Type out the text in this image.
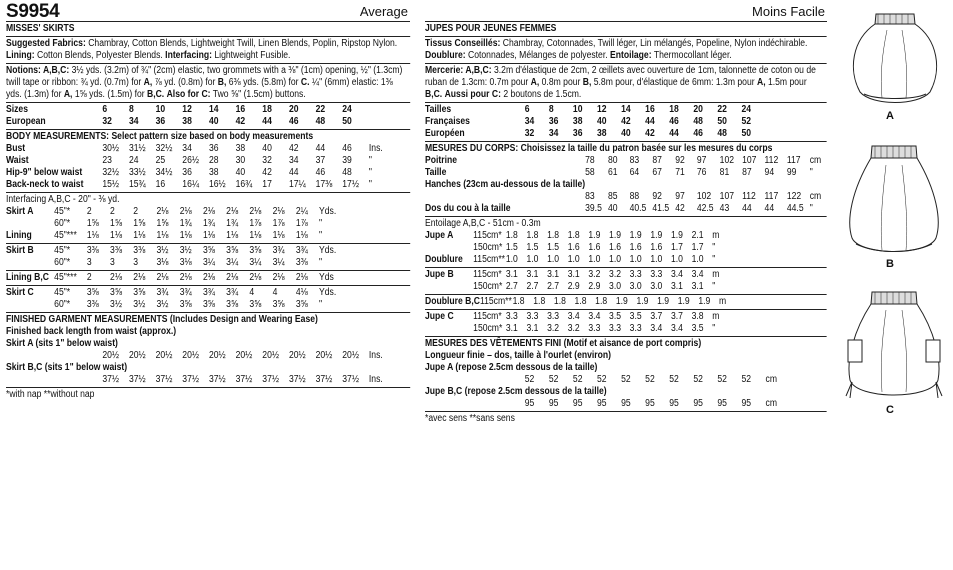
S9954	Average
MISSES' SKIRTS
Suggested Fabrics: Chambray, Cotton Blends, Lightweight Twill, Linen Blends, Poplin, Ripstop Nylon. Lining: Cotton Blends, Polyester Blends. Interfacing: Lightweight Fusible.
Notions: A,B,C: 3½ yds. (3.2m) of ¾" (2cm) elastic, two grommets with a ⅜" (1cm) opening, ½" (1.3cm) twill tape or ribbon: ¾ yd. (0.7m) for A, ⅞ yd. (0.8m) for B, 6⅜ yds. (5.8m) for C. ¼" (6mm) elastic: 1⅜ yds. (1.3m) for A, 1⅝ yds. (1.5m) for B,C. Also for C: Two ⅝" (1.5cm) buttons.
Sizes	6	8	10	12	14	16	18	20	22	24
European	32	34	36	38	40	42	44	46	48	50
BODY MEASUREMENTS: Select pattern size based on body measurements
Bust	30½	31½	32½	34	36	38	40	42	44	46	Ins.
Waist	23	24	25	26½	28	30	32	34	37	39	"
Hip-9" below waist	32½	33½	34½	36	38	40	42	44	46	48	"
Back-neck to waist	15½	15¾	16	16¼	16½	16¾	17	17¼	17⅜	17½	"
Interfacing A,B,C - 20" - ⅜ yd.
Skirt A	45"*	2	2	2	2⅛	2⅛	2⅛	2⅛	2⅛	2⅛	2¼	Yds.
	60"*	1⅝	1⅝	1⅝	1⅝	1¾	1¾	1¾	1⅞	1⅞	1⅞	"
Lining	45"***	1⅛	1⅛	1⅛	1⅛	1⅛	1⅛	1⅛	1⅛	1⅛	1⅛	"
Skirt B	45"*	3⅜	3⅜	3⅜	3½	3½	3⅝	3⅝	3⅝	3¾	3¾	Yds.
	60"*	3	3	3	3⅛	3⅛	3¼	3¼	3¼	3¼	3⅜	"
Lining B,C	45"***	2	2⅛	2⅛	2⅛	2⅛	2⅛	2⅛	2⅛	2⅛	2⅛	Yds
Skirt C	45"*	3⅝	3⅝	3⅝	3¾	3¾	3¾	3¾	4	4	4⅛	Yds.
	60"*	3⅜	3½	3½	3½	3⅝	3⅝	3⅝	3⅝	3⅝	3⅝	"
FINISHED GARMENT MEASUREMENTS (Includes Design and Wearing Ease)
Finished back length from waist (approx.)
Skirt A (sits 1" below waist)
	20½	20½	20½	20½	20½	20½	20½	20½	20½	20½	Ins.
Skirt B,C (sits 1" below waist)
	37½	37½	37½	37½	37½	37½	37½	37½	37½	37½	Ins.
*with nap **without nap
Moins Facile
JUPES POUR JEUNES FEMMES
Tissus Conseillés: Chambray, Cotonnades, Twill léger, Lin mélangés, Popeline, Nylon indéchirable. Doublure: Cotonnades, Mélanges de polyester. Entoilage: Thermocollant léger.
Mercerie: A,B,C: 3.2m d'élastique de 2cm, 2 œillets avec ouverture de 1cm, talonnette de coton ou de ruban de 1.3cm: 0.7m pour A, 0.8m pour B, 5.8m pour, d'élastique de 6mm: 1.3m pour A, 1.5m pour B,C. Aussi pour C: 2 boutons de 1.5cm.
Tailles	6	8	10	12	14	16	18	20	22	24
Françaises	34	36	38	40	42	44	46	48	50	52
Européen	32	34	36	38	40	42	44	46	48	50
MESURES DU CORPS: Choisissez la taille du patron basée sur les mesures du corps
Poitrine	78	80	83	87	92	97	102	107	112	117	cm
Taille	58	61	64	67	71	76	81	87	94	99	"
Hanches (23cm au-dessous de la taille)											
	83	85	88	92	97	102	107	112	117	122	cm
Dos du cou à la taille	39.5	40	40.5	41.5	42	42.5	43	44	44	44.5	"
Entoilage A,B,C - 51cm - 0.3m
Jupe A	115cm*	1.8	1.8	1.8	1.8	1.9	1.9	1.9	1.9	1.9	2.1	m
	150cm*	1.5	1.5	1.5	1.6	1.6	1.6	1.6	1.6	1.7	1.7	"
Doublure	115cm**	1.0	1.0	1.0	1.0	1.0	1.0	1.0	1.0	1.0	1.0	"
Jupe B	115cm*	3.1	3.1	3.1	3.1	3.2	3.2	3.3	3.3	3.4	3.4	m
	150cm*	2.7	2.7	2.7	2.9	2.9	3.0	3.0	3.0	3.1	3.1	"
Doublure B,C	115cm**	1.8	1.8	1.8	1.8	1.8	1.9	1.9	1.9	1.9	1.9	m
Jupe C	115cm*	3.3	3.3	3.3	3.4	3.4	3.5	3.5	3.7	3.7	3.8	m
	150cm*	3.1	3.1	3.2	3.2	3.3	3.3	3.3	3.4	3.4	3.5	"
MESURES DES VÊTEMENTS FINI (Motif et aisance de port compris)
Longueur finie – dos, taille à l'ourlet (environ)
Jupe A (repose 2.5cm dessous de la taille)
	52	52	52	52	52	52	52	52	52	52	cm
Jupe B,C (repose 2.5cm dessous de la taille)
	95	95	95	95	95	95	95	95	95	95	cm
*avec sens **sans sens
A
B
C
